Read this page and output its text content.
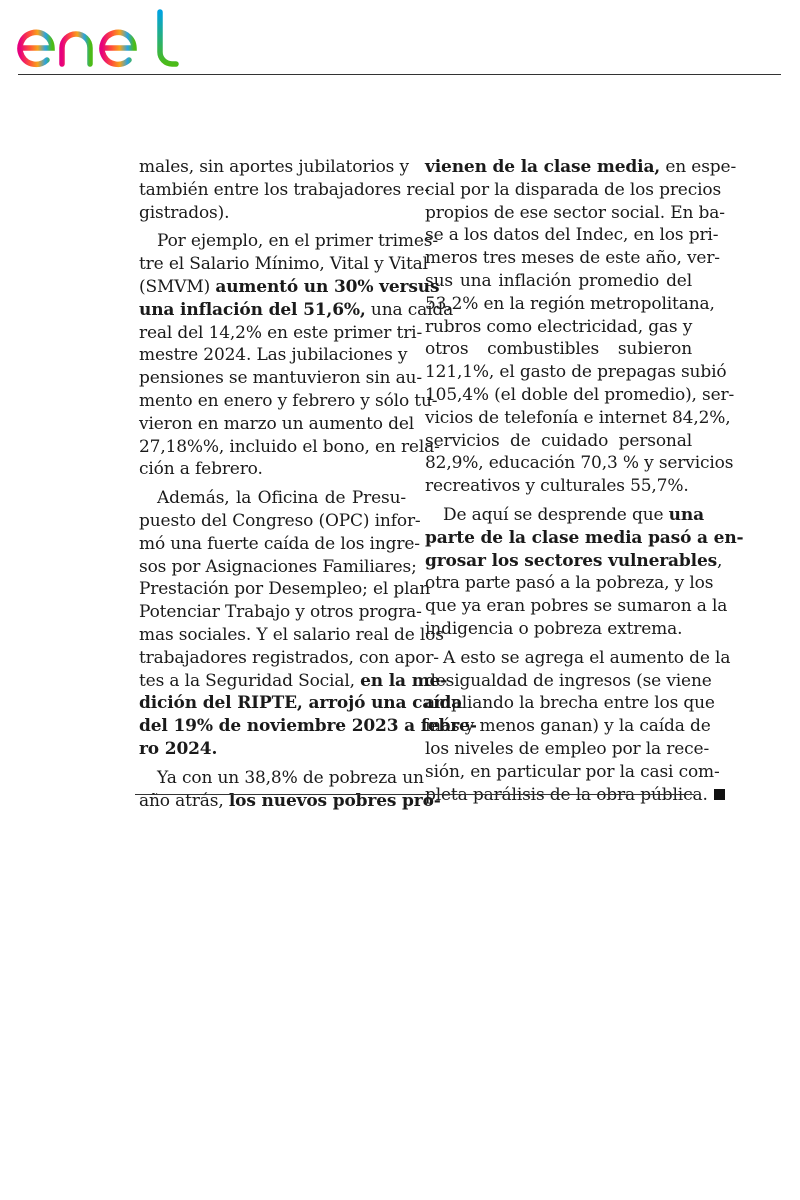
males, sin aportes jubilatorios y
también entre los trabajadores re-
gistrados).
Por ejemplo, en el primer trimes-
tre el Salario Mínimo, Vital y Vital
(SMVM) aumentó un 30% versus
una inflación del 51,6%, una caída
real del 14,2% en este primer tri-
mestre 2024. Las jubilaciones y
pensiones se mantuvieron sin au-
mento en enero y febrero y sólo tu-
vieron en marzo un aumento del
27,18%%, incluido el bono, en rela-
ción a febrero.
Además, la Oficina de Presu-
puesto del Congreso (OPC) infor-
mó una fuerte caída de los ingre-
sos por Asignaciones Familiares;
Prestación por Desempleo; el plan
Potenciar Trabajo y otros progra-
mas sociales. Y el salario real de los
trabajadores registrados, con apor-
tes a la Seguridad Social, en la me-
dición del RIPTE, arrojó una caída
del 19% de noviembre 2023 a febre-
ro 2024.
Ya con un 38,8% de pobreza un
año atrás, los nuevos pobres pro-
vienen de la clase media, en espe-
cial por la disparada de los precios
propios de ese sector social. En ba-
se a los datos del Indec, en los pri-
meros tres meses de este año, ver-
sus una inflación promedio del
53,2% en la región metropolitana,
rubros como electricidad, gas y
otros combustibles subieron
121,1%, el gasto de prepagas subió
105,4% (el doble del promedio), ser-
vicios de telefonía e internet 84,2%,
servicios de cuidado personal
82,9%, educación 70,3 % y servicios
recreativos y culturales 55,7%.
De aquí se desprende que una
parte de la clase media pasó a en-
grosar los sectores vulnerables,
otra parte pasó a la pobreza, y los
que ya eran pobres se sumaron a la
indigencia o pobreza extrema.
A esto se agrega el aumento de la
desigualdad de ingresos (se viene
ampliando la brecha entre los que
más y menos ganan) y la caída de
los niveles de empleo por la rece-
sión, en particular por la casi com-
pleta parálisis de la obra pública.
